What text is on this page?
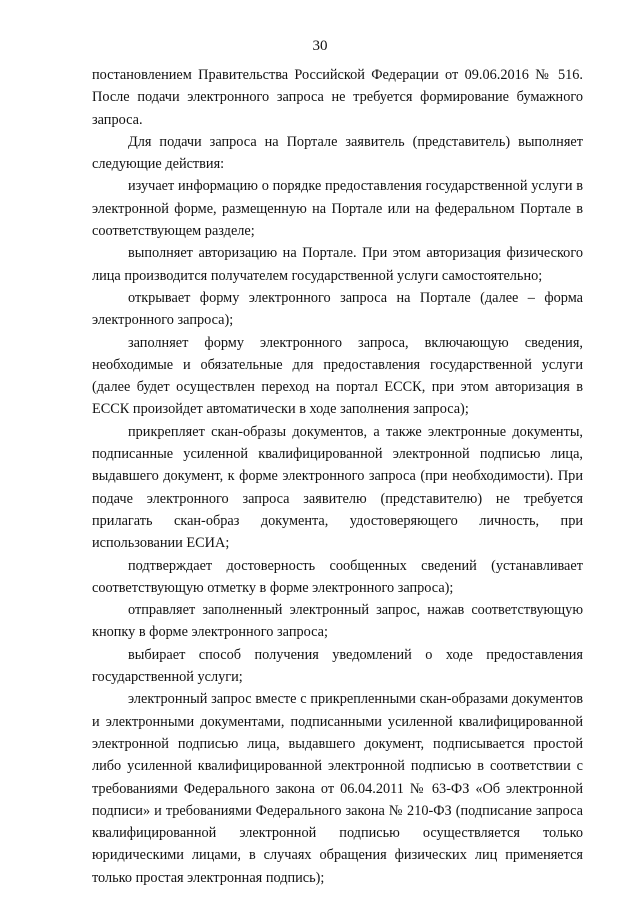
30

постановлением Правительства Российской Федерации от 09.06.2016 № 516. После подачи электронного запроса не требуется формирование бумажного запроса.

Для подачи запроса на Портале заявитель (представитель) выполняет следующие действия:

изучает информацию о порядке предоставления государственной услуги в электронной форме, размещенную на Портале или на федеральном Портале в соответствующем разделе;

выполняет авторизацию на Портале. При этом авторизация физического лица производится получателем государственной услуги самостоятельно;

открывает форму электронного запроса на Портале (далее – форма электронного запроса);

заполняет форму электронного запроса, включающую сведения, необходимые и обязательные для предоставления государственной услуги (далее будет осуществлен переход на портал ЕССК, при этом авторизация в ЕССК произойдет автоматически в ходе заполнения запроса);

прикрепляет скан-образы документов, а также электронные документы, подписанные усиленной квалифицированной электронной подписью лица, выдавшего документ, к форме электронного запроса (при необходимости). При подаче электронного запроса заявителю (представителю) не требуется прилагать скан-образ документа, удостоверяющего личность, при использовании ЕСИА;

подтверждает достоверность сообщенных сведений (устанавливает соответствующую отметку в форме электронного запроса);

отправляет заполненный электронный запрос, нажав соответствующую кнопку в форме электронного запроса;

выбирает способ получения уведомлений о ходе предоставления государственной услуги;

электронный запрос вместе с прикрепленными скан-образами документов и электронными документами, подписанными усиленной квалифицированной электронной подписью лица, выдавшего документ, подписывается простой либо усиленной квалифицированной электронной подписью в соответствии с требованиями Федерального закона от 06.04.2011 № 63-ФЗ «Об электронной подписи» и требованиями Федерального закона № 210-ФЗ (подписание запроса квалифицированной электронной подписью осуществляется только юридическими лицами, в случаях обращения физических лиц применяется только простая электронная подпись);
